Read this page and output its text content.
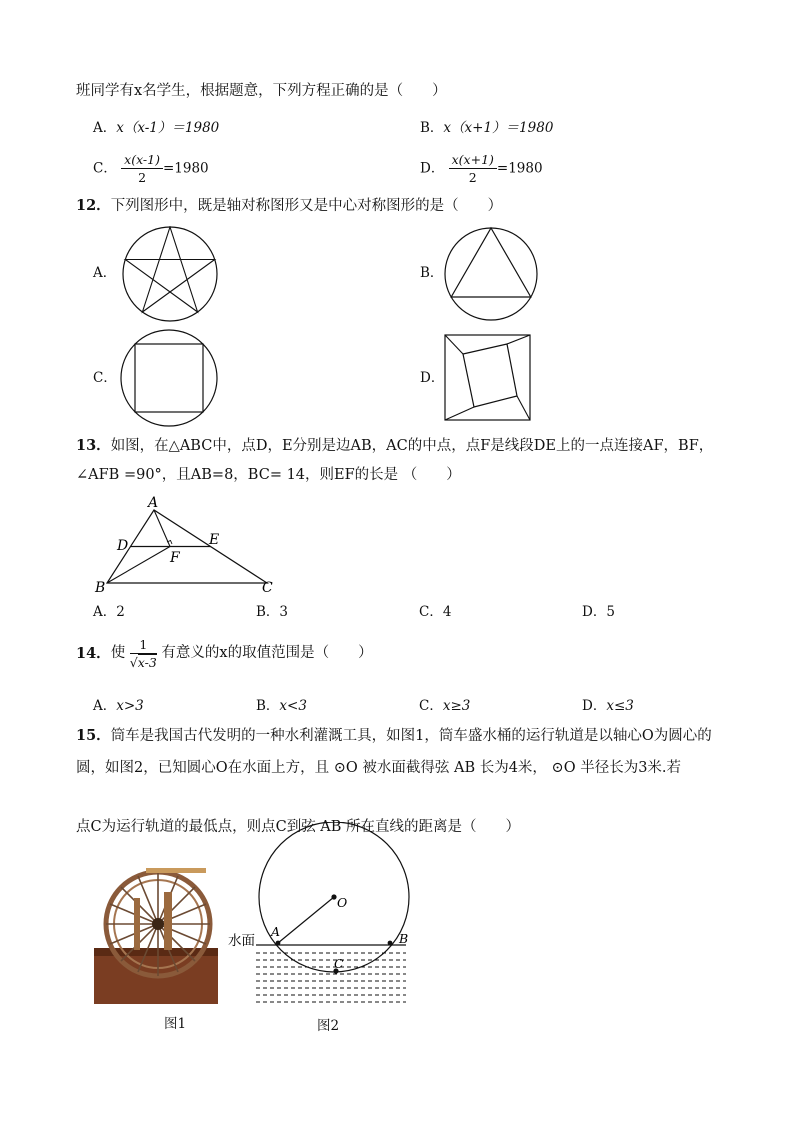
班同学有x名学生，根据题意，下列方程正确的是（　　）
A．x（x-1）＝1980	B．x（x+1）＝1980
C． $\frac{x(x-1)}{2} =1980$	D． $\frac{x(x+1)}{2} =1980$
12．下列图形中，既是轴对称图形又是中心对称图形的是（　　）
A．	B．
C．	D．
13．如图，在△ABC中，点D，E分别是边AB，AC的中点，点F是线段DE上的一点连接AF，BF，
∠AFB =90°，且AB=8，BC= 14，则EF的长是 （　　）
A
D	E
F
B	C
A．2	B．3	C．4	D．5
14．使 $\frac{1}{√x-3}$ 有意义的x的取值范围是（　　）
A．x>3	B．x<3	C．x≥3	D．x≤3
15．筒车是我国古代发明的一种水利灌溉工具，如图1，筒车盛水桶的运行轨道是以轴心O为圆心的
圆，如图2，已知圆心O在水面上方，且 ⊙O 被水面截得弦 AB 长为4米， ⊙O 半径长为3米.若
点C为运行轨道的最低点，则点C到弦 AB 所在直线的距离是（　　）
图1
水面
A	B
C
O
图2
